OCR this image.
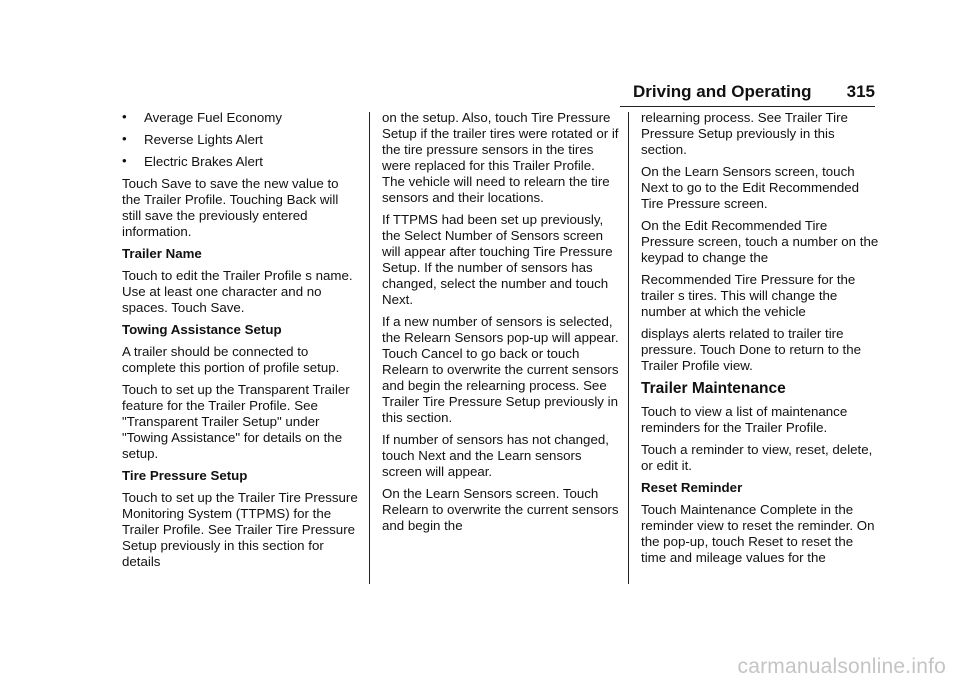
Driving and Operating 315
• Average Fuel Economy
• Reverse Lights Alert
• Electric Brakes Alert

Touch Save to save the new value to the Trailer Profile. Touching Back will still save the previously entered information.

Trailer Name

Touch to edit the Trailer Profile s name. Use at least one character and no spaces. Touch Save.

Towing Assistance Setup

A trailer should be connected to complete this portion of profile setup.

Touch to set up the Transparent Trailer feature for the Trailer Profile. See "Transparent Trailer Setup" under "Towing Assistance" for details on the setup.

Tire Pressure Setup

Touch to set up the Trailer Tire Pressure Monitoring System (TTPMS) for the Trailer Profile. See Trailer Tire Pressure Setup previously in this section for details

on the setup. Also, touch Tire Pressure Setup if the trailer tires were rotated or if the tire pressure sensors in the tires were replaced for this Trailer Profile. The vehicle will need to relearn the tire sensors and their locations.

If TTPMS had been set up previously, the Select Number of Sensors screen will appear after touching Tire Pressure Setup. If the number of sensors has changed, select the number and touch Next.

If a new number of sensors is selected, the Relearn Sensors pop-up will appear. Touch Cancel to go back or touch Relearn to overwrite the current sensors and begin the relearning process. See Trailer Tire Pressure Setup previously in this section.

If number of sensors has not changed, touch Next and the Learn sensors screen will appear.

On the Learn Sensors screen. Touch Relearn to overwrite the current sensors and begin the

relearning process. See Trailer Tire Pressure Setup previously in this section.

On the Learn Sensors screen, touch Next to go to the Edit Recommended Tire Pressure screen.

On the Edit Recommended Tire Pressure screen, touch a number on the keypad to change the

Recommended Tire Pressure for the trailer s tires. This will change the number at which the vehicle

displays alerts related to trailer tire pressure. Touch Done to return to the Trailer Profile view.

Trailer Maintenance

Touch to view a list of maintenance reminders for the Trailer Profile.

Touch a reminder to view, reset, delete, or edit it.

Reset Reminder

Touch Maintenance Complete in the reminder view to reset the reminder. On the pop-up, touch Reset to reset the time and mileage values for the

carmanualsonline.info
